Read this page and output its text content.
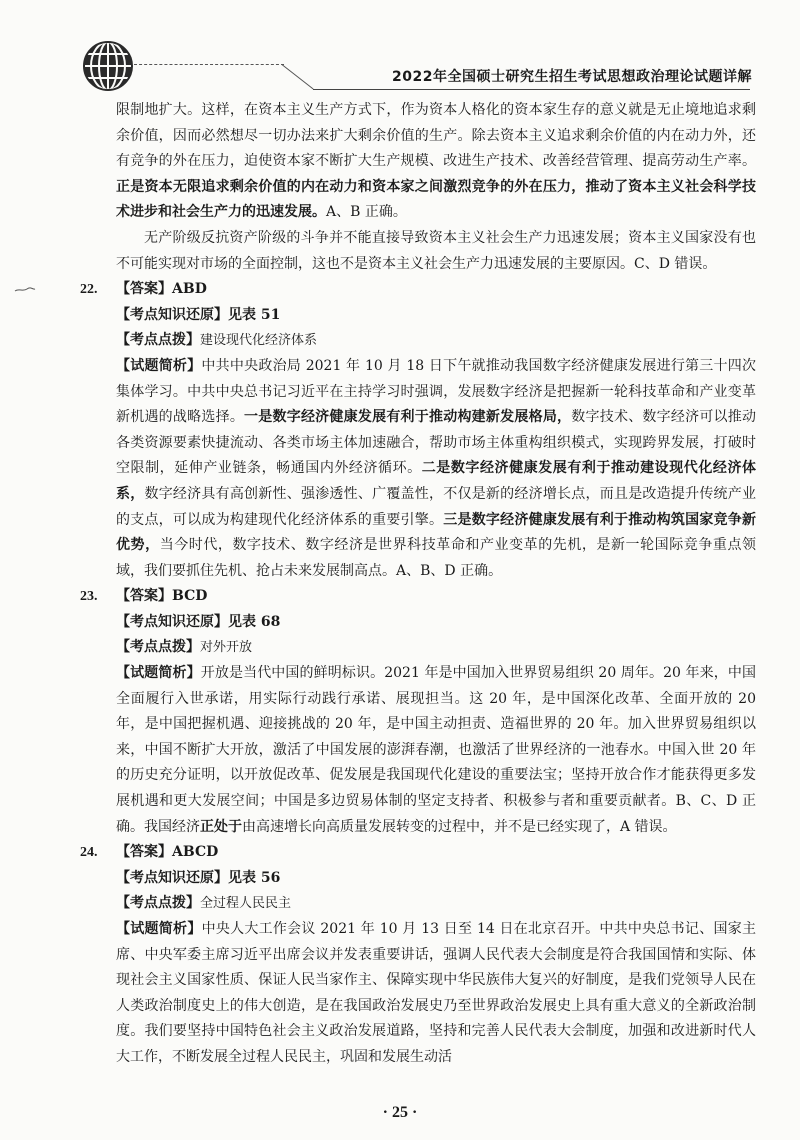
2022年全国硕士研究生招生考试思想政治理论试题详解
限制地扩大。这样，在资本主义生产方式下，作为资本人格化的资本家生存的意义就是无止境地追求剩余价值，因而必然想尽一切办法来扩大剩余价值的生产。除去资本主义追求剩余价值的内在动力外，还有竞争的外在压力，迫使资本家不断扩大生产规模、改进生产技术、改善经营管理、提高劳动生产率。正是资本无限追求剩余价值的内在动力和资本家之间激烈竞争的外在压力，推动了资本主义社会科学技术进步和社会生产力的迅速发展。A、B 正确。
无产阶级反抗资产阶级的斗争并不能直接导致资本主义社会生产力迅速发展；资本主义国家没有也不可能实现对市场的全面控制，这也不是资本主义社会生产力迅速发展的主要原因。C、D 错误。
22. 【答案】ABD
【考点知识还原】见表 51
【考点点拨】建设现代化经济体系
【试题简析】中共中央政治局 2021 年 10 月 18 日下午就推动我国数字经济健康发展进行第三十四次集体学习。中共中央总书记习近平在主持学习时强调，发展数字经济是把握新一轮科技革命和产业变革新机遇的战略选择。一是数字经济健康发展有利于推动构建新发展格局，数字技术、数字经济可以推动各类资源要素快捷流动、各类市场主体加速融合，帮助市场主体重构组织模式，实现跨界发展，打破时空限制，延伸产业链条，畅通国内外经济循环。二是数字经济健康发展有利于推动建设现代化经济体系，数字经济具有高创新性、强渗透性、广覆盖性，不仅是新的经济增长点，而且是改造提升传统产业的支点，可以成为构建现代化经济体系的重要引擎。三是数字经济健康发展有利于推动构筑国家竞争新优势，当今时代，数字技术、数字经济是世界科技革命和产业变革的先机，是新一轮国际竞争重点领域，我们要抓住先机、抢占未来发展制高点。A、B、D 正确。
23. 【答案】BCD
【考点知识还原】见表 68
【考点点拨】对外开放
【试题简析】开放是当代中国的鲜明标识。2021 年是中国加入世界贸易组织 20 周年。20 年来，中国全面履行入世承诺，用实际行动践行承诺、展现担当。这 20 年，是中国深化改革、全面开放的 20 年，是中国把握机遇、迎接挑战的 20 年，是中国主动担责、造福世界的 20 年。加入世界贸易组织以来，中国不断扩大开放，激活了中国发展的澎湃春潮，也激活了世界经济的一池春水。中国入世 20 年的历史充分证明，以开放促改革、促发展是我国现代化建设的重要法宝；坚持开放合作才能获得更多发展机遇和更大发展空间；中国是多边贸易体制的坚定支持者、积极参与者和重要贡献者。B、C、D 正确。我国经济正处于由高速增长向高质量发展转变的过程中，并不是已经实现了，A 错误。
24. 【答案】ABCD
【考点知识还原】见表 56
【考点点拨】全过程人民民主
【试题简析】中央人大工作会议 2021 年 10 月 13 日至 14 日在北京召开。中共中央总书记、国家主席、中央军委主席习近平出席会议并发表重要讲话，强调人民代表大会制度是符合我国国情和实际、体现社会主义国家性质、保证人民当家作主、保障实现中华民族伟大复兴的好制度，是我们党领导人民在人类政治制度史上的伟大创造，是在我国政治发展史乃至世界政治发展史上具有重大意义的全新政治制度。我们要坚持中国特色社会主义政治发展道路，坚持和完善人民代表大会制度，加强和改进新时代人大工作，不断发展全过程人民民主，巩固和发展生动活
· 25 ·
